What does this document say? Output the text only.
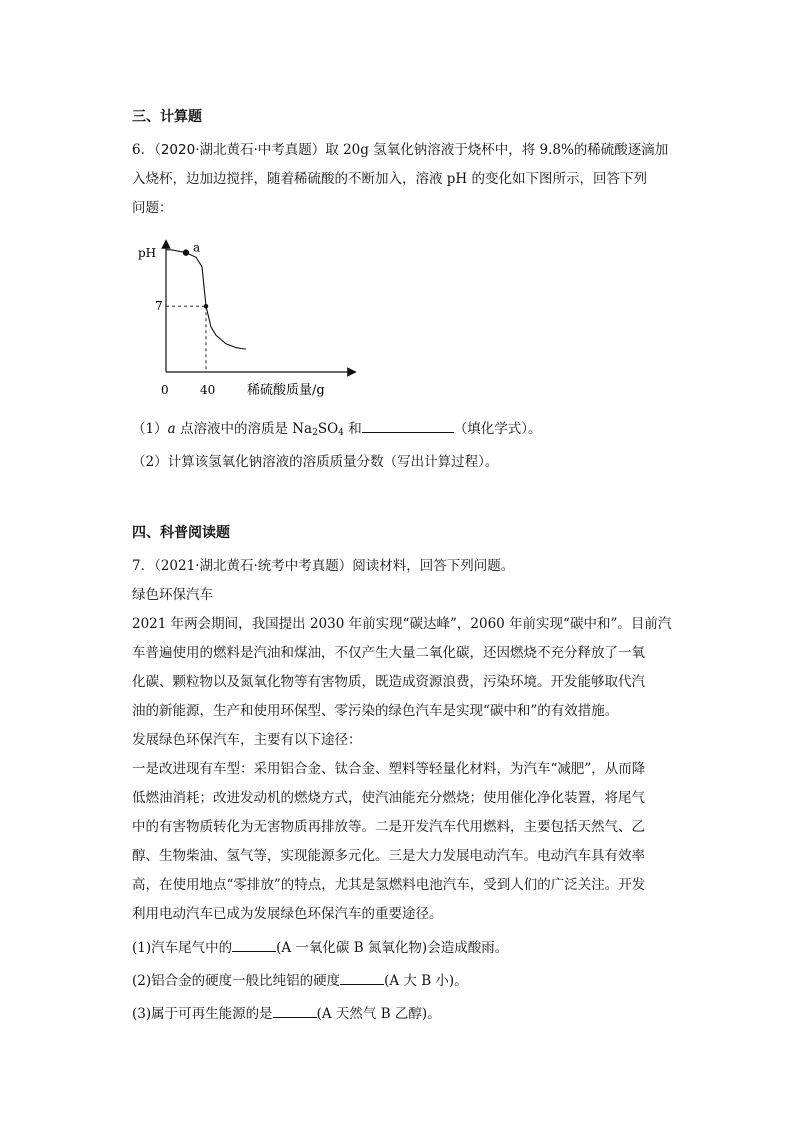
三、计算题
6．（2020·湖北黄石·中考真题）取 20g 氢氧化钠溶液于烧杯中，将 9.8%的稀硫酸逐滴加
入烧杯，边加边搅拌，随着稀硫酸的不断加入，溶液 pH 的变化如下图所示，回答下列
问题：
pH
稀硫酸质量/g
0	40
7
a
（1）a 点溶液中的溶质是 $Na_2SO_4$ 和	（填化学式）。
（2）计算该氢氧化钠溶液的溶质质量分数（写出计算过程）。
四、科普阅读题
7．（2021·湖北黄石·统考中考真题）阅读材料，回答下列问题。
绿色环保汽车
2021 年两会期间，我国提出 2030 年前实现“碳达峰”，2060 年前实现“碳中和”。目前汽
车普遍使用的燃料是汽油和煤油，不仅产生大量二氧化碳，还因燃烧不充分释放了一氧
化碳、颗粒物以及氮氧化物等有害物质，既造成资源浪费，污染环境。开发能够取代汽
油的新能源，生产和使用环保型、零污染的绿色汽车是实现“碳中和”的有效措施。
发展绿色环保汽车，主要有以下途径：
一是改进现有车型：采用铝合金、钛合金、塑料等轻量化材料，为汽车“减肥”，从而降
低燃油消耗；改进发动机的燃烧方式，使汽油能充分燃烧；使用催化净化装置，将尾气
中的有害物质转化为无害物质再排放等。二是开发汽车代用燃料，主要包括天然气、乙
醇、生物柴油、氢气等，实现能源多元化。三是大力发展电动汽车。电动汽车具有效率
高，在使用地点“零排放”的特点，尤其是氢燃料电池汽车，受到人们的广泛关注。开发
利用电动汽车已成为发展绿色环保汽车的重要途径。
(1)汽车尾气中的	(A 一氧化碳 B 氮氧化物)会造成酸雨。
(2)铝合金的硬度一般比纯铝的硬度	(A 大 B 小)。
(3)属于可再生能源的是	(A 天然气 B 乙醇)。
